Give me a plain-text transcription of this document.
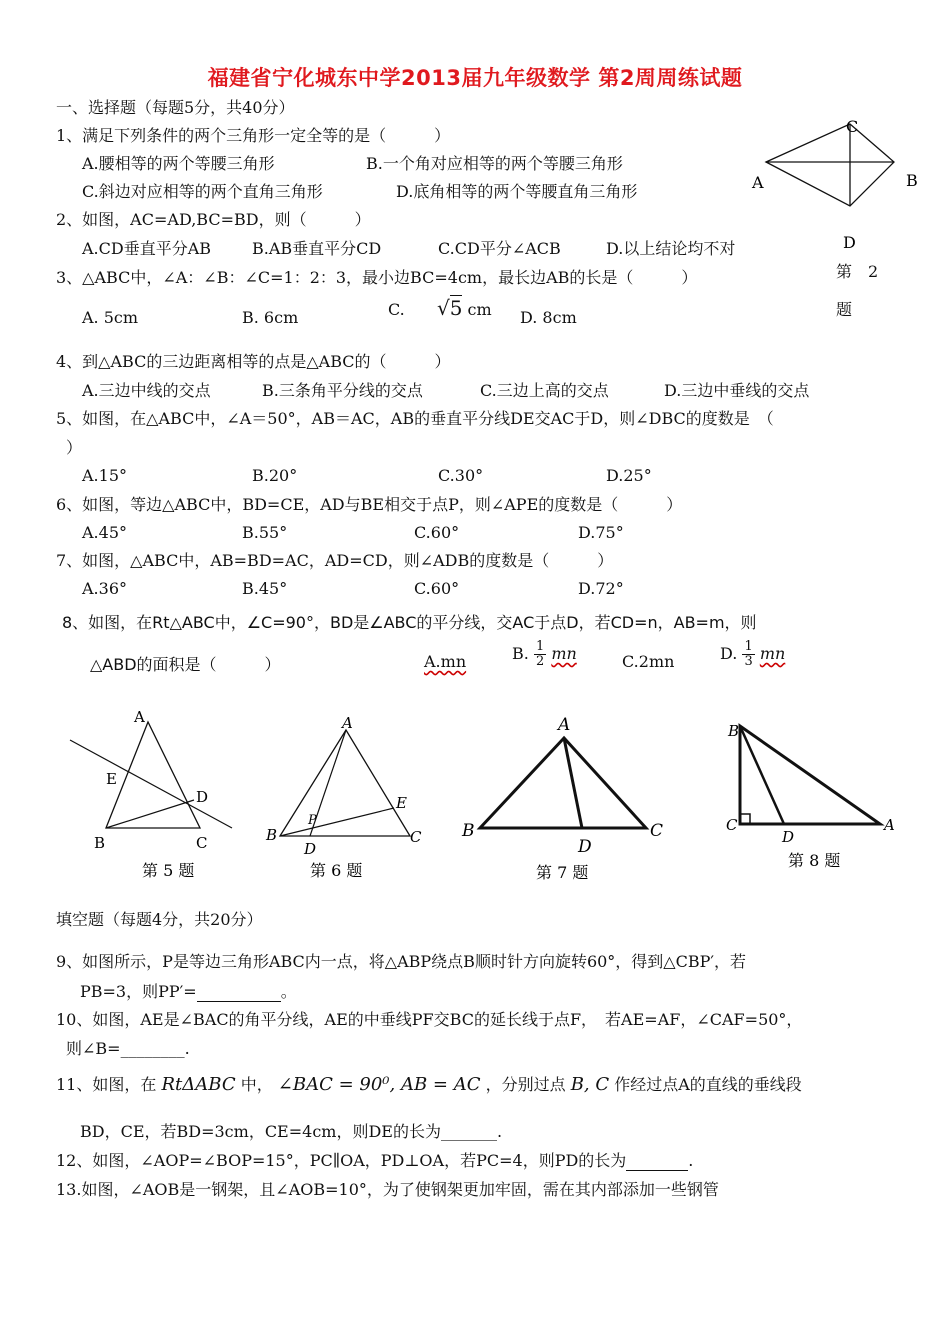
福建省宁化城东中学2013届九年级数学 第2周周练试题
一、选择题（每题5分，共40分）
1、满足下列条件的两个三角形一定全等的是（　　　）
A.腰相等的两个等腰三角形	B.一个角对应相等的两个等腰三角形
C.斜边对应相等的两个直角三角形	D.底角相等的两个等腰直角三角形
2、如图，AC=AD,BC=BD，则（　　　）
A.CD垂直平分AB	B.AB垂直平分CD	C.CD平分∠ACB	D.以上结论均不对
C
A	B
D
第　2
题
3、△ABC中，∠A：∠B：∠C=1：2：3，最小边BC=4cm，最长边AB的长是（　　　）
A. 5cm	B. 6cm	C. √5 cm D. 8cm
4、到△ABC的三边距离相等的点是△ABC的（　　　）
A.三边中线的交点	B.三条角平分线的交点	C.三边上高的交点	D.三边中垂线的交点
5、如图，在△ABC中，∠A＝50°，AB＝AC，AB的垂直平分线DE交AC于D，则∠DBC的度数是　（
）
A.15°	B.20°	C.30°	D.25°
6、如图，等边△ABC中，BD=CE，AD与BE相交于点P，则∠APE的度数是（　　　）
A.45°	B.55°	C.60°	D.75°
7、如图，△ABC中，AB=BD=AC，AD=CD，则∠ADB的度数是（　　　）
A.36°	B.45°	C.60°	D.72°
8、如图，在Rt△ABC中，∠C=90°，BD是∠ABC的平分线，交AC于点D，若CD=n，AB=m，则
△ABD的面积是（　　　）	A.mn	B. $\frac{1}{2}$ mn	C.2mn	D. $\frac{1}{3}$ mn
A
E
D
B	C
第 5 题
A
E
P
B
D
C
第 6 题
A
B
D
C
第 7 题
B
C
D
A
第 8 题
填空题（每题4分，共20分）
9、如图所示，P是等边三角形ABC内一点，将△ABP绕点B顺时针方向旋转60°，得到△CBP′，若
PB=3，则PP′=	。
10、如图，AE是∠BAC的角平分线，AE的中垂线PF交BC的延长线于点F，　若AE=AF，∠CAF=50°，
则∠B=________.
11、如图，在 RtΔABC 中， ∠BAC = 90⁰, AB = AC ，分别过点 B, C 作经过点A的直线的垂线段
BD，CE，若BD=3cm，CE=4cm，则DE的长为_______.
12、如图，∠AOP=∠BOP=15°，PC∥OA，PD⊥OA，若PC=4，则PD的长为	.
13.如图，∠AOB是一钢架，且∠AOB=10°，为了使钢架更加牢固，需在其内部添加一些钢管
